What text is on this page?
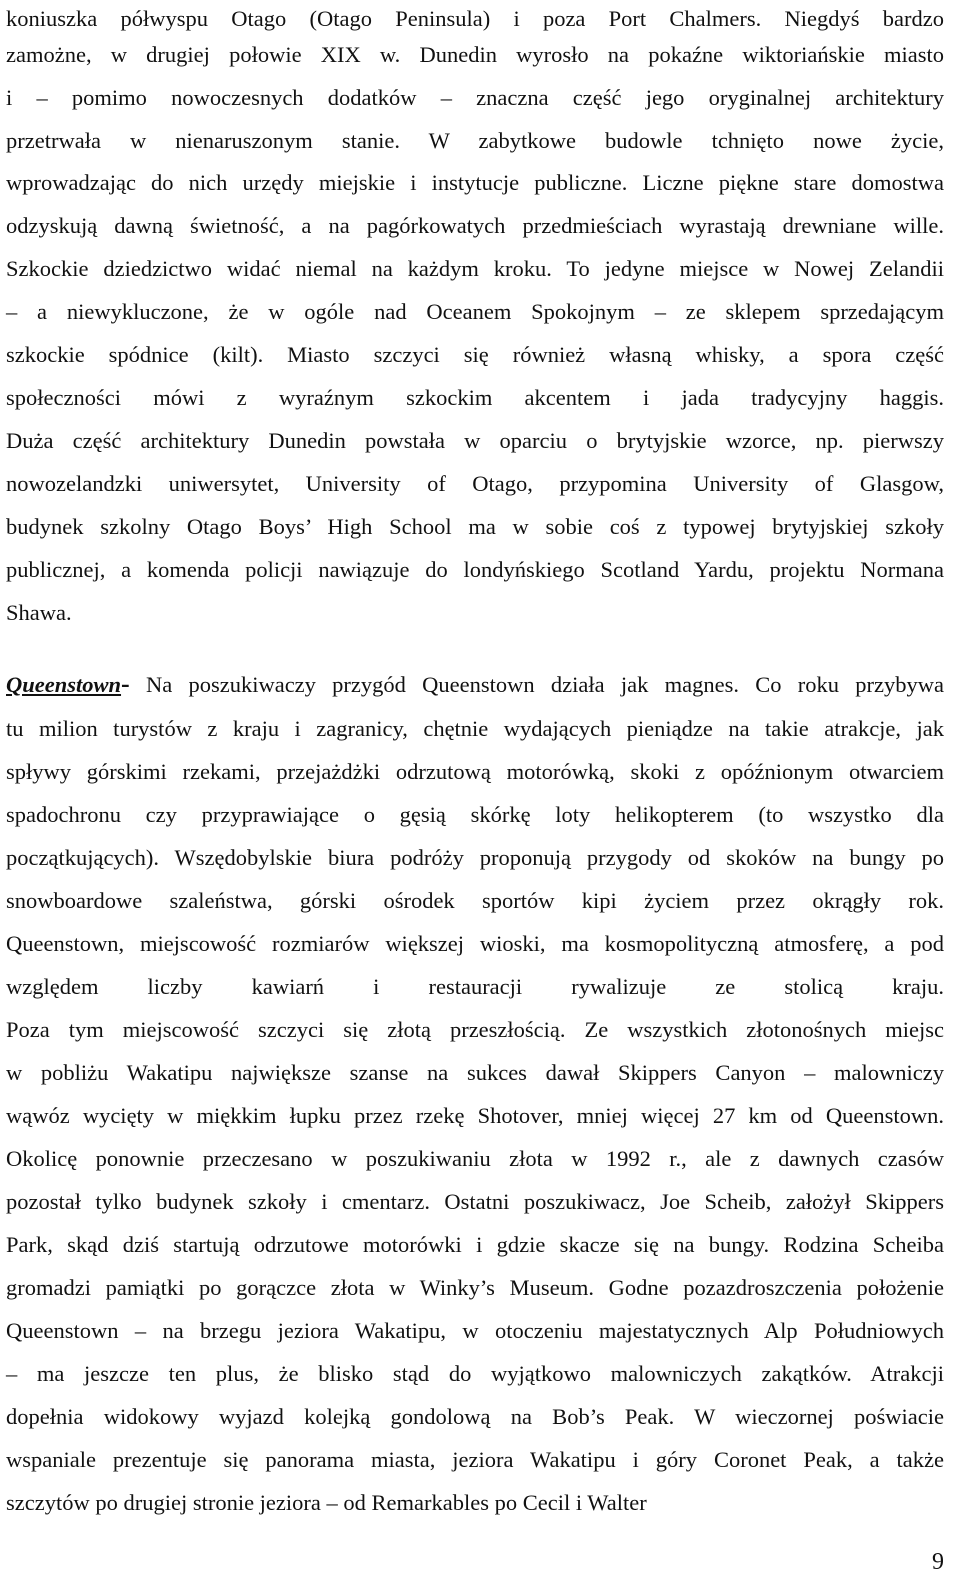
koniuszka półwyspu Otago (Otago Peninsula) i poza Port Chalmers. Niegdyś bardzo
zamożne, w drugiej połowie XIX w. Dunedin wyrosło na pokaźne wiktoriańskie miasto
i – pomimo nowoczesnych dodatków – znaczna część jego oryginalnej architektury
przetrwała w nienaruszonym stanie. W zabytkowe budowle tchnięto nowe życie,
wprowadzając do nich urzędy miejskie i instytucje publiczne. Liczne piękne stare domostwa
odzyskują dawną świetność, a na pagórkowatych przedmieściach wyrastają drewniane wille.
Szkockie dziedzictwo widać niemal na każdym kroku. To jedyne miejsce w Nowej Zelandii
– a niewykluczone, że w ogóle nad Oceanem Spokojnym – ze sklepem sprzedającym
szkockie spódnice (kilt). Miasto szczyci się również własną whisky, a spora część
społeczności mówi z wyraźnym szkockim akcentem i jada tradycyjny haggis.
Duża część architektury Dunedin powstała w oparciu o brytyjskie wzorce, np. pierwszy
nowozelandzki uniwersytet, University of Otago, przypomina University of Glasgow,
budynek szkolny Otago Boys’ High School ma w sobie coś z typowej brytyjskiej szkoły
publicznej, a komenda policji nawiązuje do londyńskiego Scotland Yardu, projektu Normana
Shawa.
Queenstown- Na poszukiwaczy przygód Queenstown działa jak magnes. Co roku przybywa
tu milion turystów z kraju i zagranicy, chętnie wydających pieniądze na takie atrakcje, jak
spływy górskimi rzekami, przejażdżki odrzutową motorówką, skoki z opóźnionym otwarciem
spadochronu czy przyprawiające o gęsią skórkę loty helikopterem (to wszystko dla
początkujących). Wszędobylskie biura podróży proponują przygody od skoków na bungy po
snowboardowe szaleństwa, górski ośrodek sportów kipi życiem przez okrągły rok.
Queenstown, miejscowość rozmiarów większej wioski, ma kosmopolityczną atmosferę, a pod
względem liczby kawiarń i restauracji rywalizuje ze stolicą kraju.
Poza tym miejscowość szczyci się złotą przeszłością. Ze wszystkich złotonośnych miejsc
w pobliżu Wakatipu największe szanse na sukces dawał Skippers Canyon – malowniczy
wąwóz wycięty w miękkim łupku przez rzekę Shotover, mniej więcej 27 km od Queenstown.
Okolicę ponownie przeczesano w poszukiwaniu złota w 1992 r., ale z dawnych czasów
pozostał tylko budynek szkoły i cmentarz. Ostatni poszukiwacz, Joe Scheib, założył Skippers
Park, skąd dziś startują odrzutowe motorówki i gdzie skacze się na bungy. Rodzina Scheiba
gromadzi pamiątki po gorączce złota w Winky’s Museum. Godne pozazdroszczenia położenie
Queenstown – na brzegu jeziora Wakatipu, w otoczeniu majestatycznych Alp Południowych
– ma jeszcze ten plus, że blisko stąd do wyjątkowo malowniczych zakątków. Atrakcji
dopełnia widokowy wyjazd kolejką gondolową na Bob’s Peak. W wieczornej poświacie
wspaniale prezentuje się panorama miasta, jeziora Wakatipu i góry Coronet Peak, a także
szczytów po drugiej stronie jeziora – od Remarkables po Cecil i Walter
9
